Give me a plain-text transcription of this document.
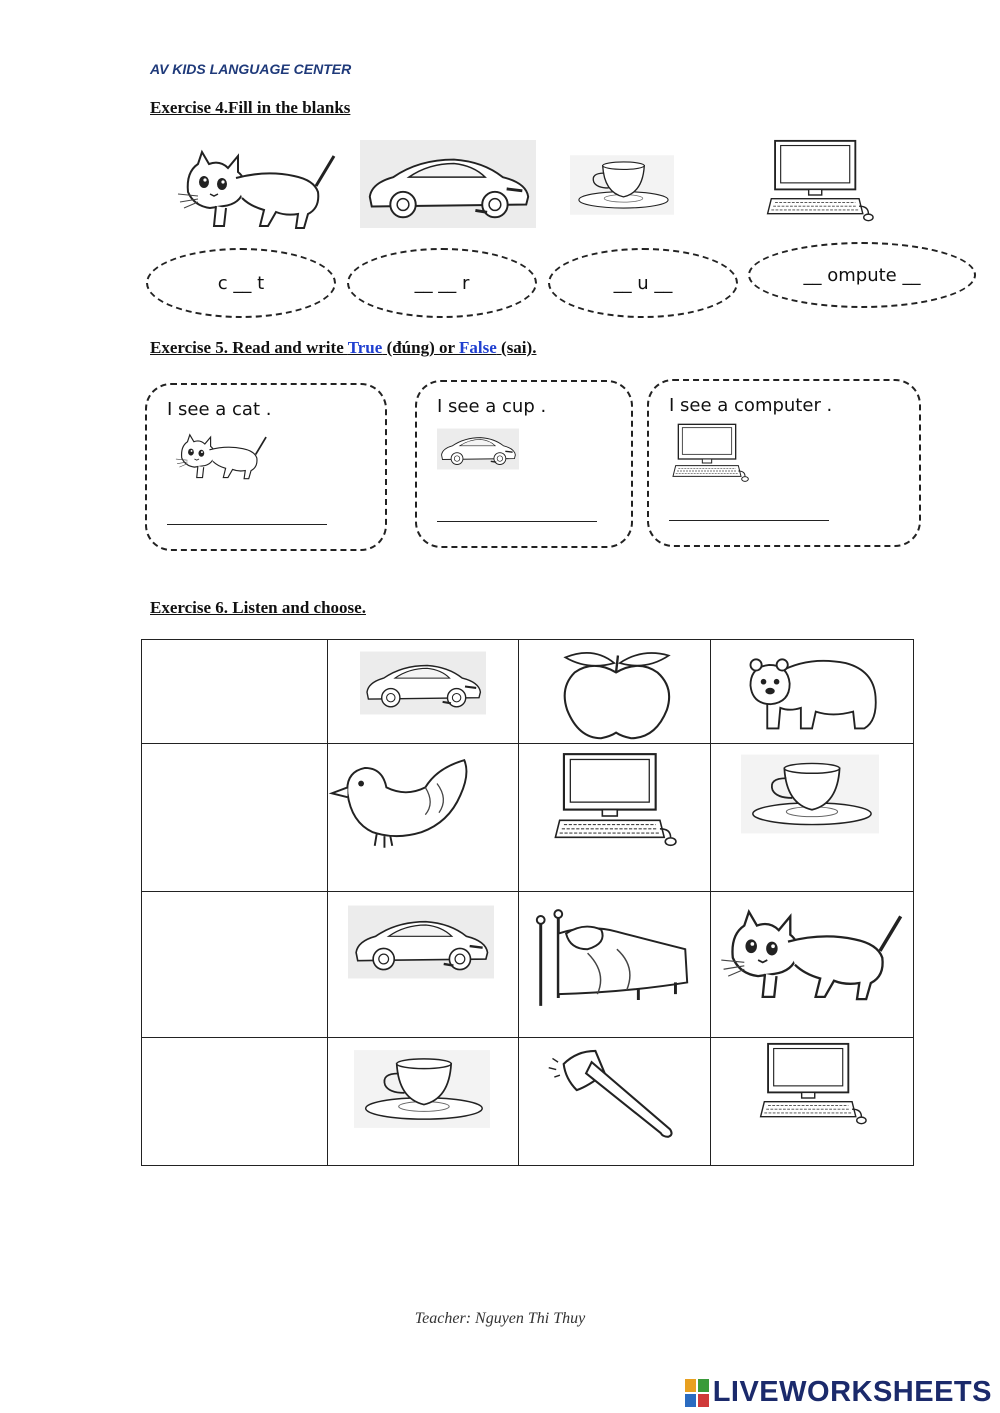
AV KIDS LANGUAGE CENTER
Exercise 4.Fill in the blanks
c __ t	__ __ r	__ u __	__ ompute __
Exercise 5. Read and write True (đúng) or False (sai).
I see a cat .	I see a cup .	I see a computer .
Exercise 6. Listen and choose.

Teacher: Nguyen Thi Thuy
LIVEWORKSHEETS
